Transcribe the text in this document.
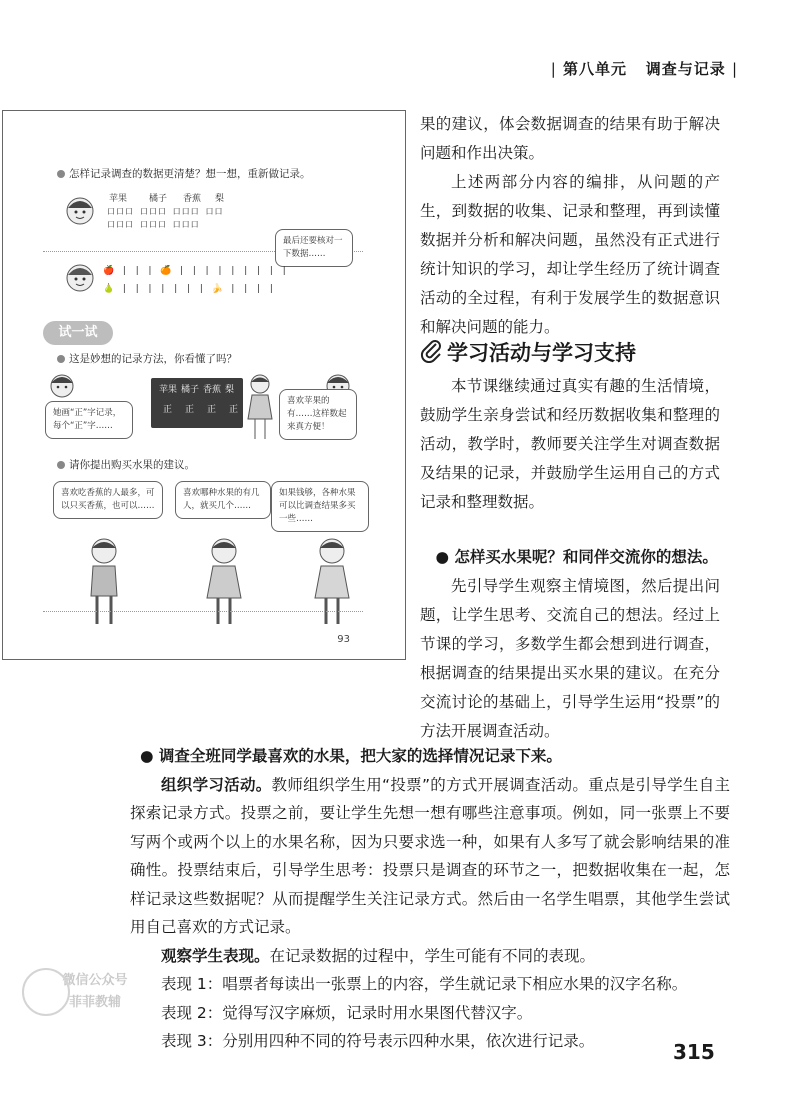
| 第八单元 调查与记录 |
怎样记录调查的数据更清楚？想一想，重新做记录。
苹果 橘子 香蕉 梨
口口口 口口口 口口口 口口
口口口 口口口 口口口
最后还要核对一下数据……
🍎 | | | 🍊 | | | | | | | | |
🍐 | | | | | | | 🍌 | | | |
试一试
这是妙想的记录方法，你看懂了吗？
她画“正”字记录，每个“正”字……
苹果 橘子 香蕉 梨
正 正 正 正
喜欢苹果的有……这样数起来真方便！
请你提出购买水果的建议。
喜欢吃香蕉的人最多，可以只买香蕉，也可以……
喜欢哪种水果的有几人，就买几个……
如果钱够，各种水果可以比调查结果多买一些……
93

果的建议，体会数据调查的结果有助于解决问题和作出决策。

上述两部分内容的编排，从问题的产生，到数据的收集、记录和整理，再到读懂数据并分析和解决问题，虽然没有正式进行统计知识的学习，却让学生经历了统计调查活动的全过程，有利于发展学生的数据意识和解决问题的能力。

学习活动与学习支持

本节课继续通过真实有趣的生活情境，鼓励学生亲身尝试和经历数据收集和整理的活动，教学时，教师要关注学生对调查数据及结果的记录，并鼓励学生运用自己的方式记录和整理数据。

● 怎样买水果呢？和同伴交流你的想法。

先引导学生观察主情境图，然后提出问题，让学生思考、交流自己的想法。经过上节课的学习，多数学生都会想到进行调查，根据调查的结果提出买水果的建议。在充分交流讨论的基础上，引导学生运用“投票”的方法开展调查活动。

● 调查全班同学最喜欢的水果，把大家的选择情况记录下来。

组织学习活动。教师组织学生用“投票”的方式开展调查活动。重点是引导学生自主探索记录方式。投票之前，要让学生先想一想有哪些注意事项。例如，同一张票上不要写两个或两个以上的水果名称，因为只要求选一种，如果有人多写了就会影响结果的准确性。投票结束后，引导学生思考：投票只是调查的环节之一，把数据收集在一起，怎样记录这些数据呢？从而提醒学生关注记录方式。然后由一名学生唱票，其他学生尝试用自己喜欢的方式记录。

观察学生表现。在记录数据的过程中，学生可能有不同的表现。

表现 1：唱票者每读出一张票上的内容，学生就记录下相应水果的汉字名称。

表现 2：觉得写汉字麻烦，记录时用水果图代替汉字。

表现 3：分别用四种不同的符号表示四种水果，依次进行记录。

微信公众号
菲菲教辅
315
